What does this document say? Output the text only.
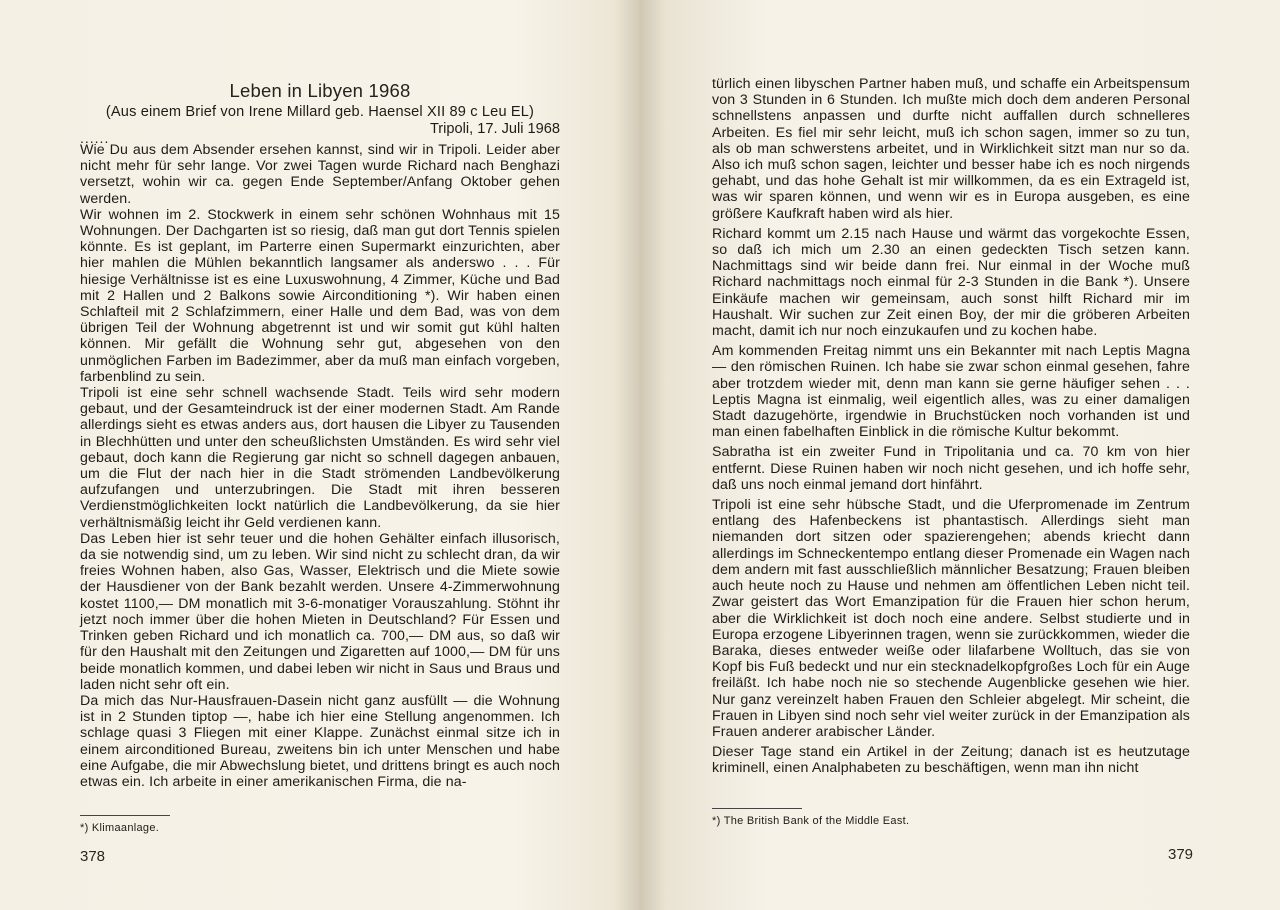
Leben in Libyen 1968

(Aus einem Brief von Irene Millard geb. Haensel XII 89 c Leu EL)

Tripoli, 17. Juli 1968

......

Wie Du aus dem Absender ersehen kannst, sind wir in Tripoli. Leider aber nicht mehr für sehr lange. Vor zwei Tagen wurde Richard nach Benghazi versetzt, wohin wir ca. gegen Ende September/Anfang Oktober gehen werden.

Wir wohnen im 2. Stockwerk in einem sehr schönen Wohnhaus mit 15 Wohnungen. Der Dachgarten ist so riesig, daß man gut dort Tennis spielen könnte. Es ist geplant, im Parterre einen Supermarkt einzurichten, aber hier mahlen die Mühlen bekanntlich langsamer als anderswo . . . Für hiesige Verhältnisse ist es eine Luxuswohnung, 4 Zimmer, Küche und Bad mit 2 Hallen und 2 Balkons sowie Airconditioning *). Wir haben einen Schlafteil mit 2 Schlafzimmern, einer Halle und dem Bad, was von dem übrigen Teil der Wohnung abgetrennt ist und wir somit gut kühl halten können. Mir gefällt die Wohnung sehr gut, abgesehen von den unmöglichen Farben im Badezimmer, aber da muß man einfach vorgeben, farbenblind zu sein.

Tripoli ist eine sehr schnell wachsende Stadt. Teils wird sehr modern gebaut, und der Gesamteindruck ist der einer modernen Stadt. Am Rande allerdings sieht es etwas anders aus, dort hausen die Libyer zu Tausenden in Blechhütten und unter den scheußlichsten Umständen. Es wird sehr viel gebaut, doch kann die Regierung gar nicht so schnell dagegen anbauen, um die Flut der nach hier in die Stadt strömenden Landbevölkerung aufzufangen und unterzubringen. Die Stadt mit ihren besseren Verdienstmöglichkeiten lockt natürlich die Landbevölkerung, da sie hier verhältnismäßig leicht ihr Geld verdienen kann.

Das Leben hier ist sehr teuer und die hohen Gehälter einfach illusorisch, da sie notwendig sind, um zu leben. Wir sind nicht zu schlecht dran, da wir freies Wohnen haben, also Gas, Wasser, Elektrisch und die Miete sowie der Hausdiener von der Bank bezahlt werden. Unsere 4-Zimmerwohnung kostet 1100,— DM monatlich mit 3-6-monatiger Vorauszahlung. Stöhnt ihr jetzt noch immer über die hohen Mieten in Deutschland? Für Essen und Trinken geben Richard und ich monatlich ca. 700,— DM aus, so daß wir für den Haushalt mit den Zeitungen und Zigaretten auf 1000,— DM für uns beide monatlich kommen, und dabei leben wir nicht in Saus und Braus und laden nicht sehr oft ein.

Da mich das Nur-Hausfrauen-Dasein nicht ganz ausfüllt — die Wohnung ist in 2 Stunden tiptop —, habe ich hier eine Stellung angenommen. Ich schlage quasi 3 Fliegen mit einer Klappe. Zunächst einmal sitze ich in einem airconditioned Bureau, zweitens bin ich unter Menschen und habe eine Aufgabe, die mir Abwechslung bietet, und drittens bringt es auch noch etwas ein. Ich arbeite in einer amerikanischen Firma, die na-

*) Klimaanlage.
378

türlich einen libyschen Partner haben muß, und schaffe ein Arbeitspensum von 3 Stunden in 6 Stunden. Ich mußte mich doch dem anderen Personal schnellstens anpassen und durfte nicht auffallen durch schnelleres Arbeiten. Es fiel mir sehr leicht, muß ich schon sagen, immer so zu tun, als ob man schwerstens arbeitet, und in Wirklichkeit sitzt man nur so da. Also ich muß schon sagen, leichter und besser habe ich es noch nirgends gehabt, und das hohe Gehalt ist mir willkommen, da es ein Extrageld ist, was wir sparen können, und wenn wir es in Europa ausgeben, es eine größere Kaufkraft haben wird als hier.

Richard kommt um 2.15 nach Hause und wärmt das vorgekochte Essen, so daß ich mich um 2.30 an einen gedeckten Tisch setzen kann. Nachmittags sind wir beide dann frei. Nur einmal in der Woche muß Richard nachmittags noch einmal für 2-3 Stunden in die Bank *). Unsere Einkäufe machen wir gemeinsam, auch sonst hilft Richard mir im Haushalt. Wir suchen zur Zeit einen Boy, der mir die gröberen Arbeiten macht, damit ich nur noch einzukaufen und zu kochen habe.

Am kommenden Freitag nimmt uns ein Bekannter mit nach Leptis Magna — den römischen Ruinen. Ich habe sie zwar schon einmal gesehen, fahre aber trotzdem wieder mit, denn man kann sie gerne häufiger sehen . . . Leptis Magna ist einmalig, weil eigentlich alles, was zu einer damaligen Stadt dazugehörte, irgendwie in Bruchstücken noch vorhanden ist und man einen fabelhaften Einblick in die römische Kultur bekommt.

Sabratha ist ein zweiter Fund in Tripolitania und ca. 70 km von hier entfernt. Diese Ruinen haben wir noch nicht gesehen, und ich hoffe sehr, daß uns noch einmal jemand dort hinfährt.

Tripoli ist eine sehr hübsche Stadt, und die Uferpromenade im Zentrum entlang des Hafenbeckens ist phantastisch. Allerdings sieht man niemanden dort sitzen oder spazierengehen; abends kriecht dann allerdings im Schneckentempo entlang dieser Promenade ein Wagen nach dem andern mit fast ausschließlich männlicher Besatzung; Frauen bleiben auch heute noch zu Hause und nehmen am öffentlichen Leben nicht teil. Zwar geistert das Wort Emanzipation für die Frauen hier schon herum, aber die Wirklichkeit ist doch noch eine andere. Selbst studierte und in Europa erzogene Libyerinnen tragen, wenn sie zurückkommen, wieder die Baraka, dieses entweder weiße oder lilafarbene Wolltuch, das sie von Kopf bis Fuß bedeckt und nur ein stecknadelkopfgroßes Loch für ein Auge freiläßt. Ich habe noch nie so stechende Augenblicke gesehen wie hier. Nur ganz vereinzelt haben Frauen den Schleier abgelegt. Mir scheint, die Frauen in Libyen sind noch sehr viel weiter zurück in der Emanzipation als Frauen anderer arabischer Länder.

Dieser Tage stand ein Artikel in der Zeitung; danach ist es heutzutage kriminell, einen Analphabeten zu beschäftigen, wenn man ihn nicht

*) The British Bank of the Middle East.
379
